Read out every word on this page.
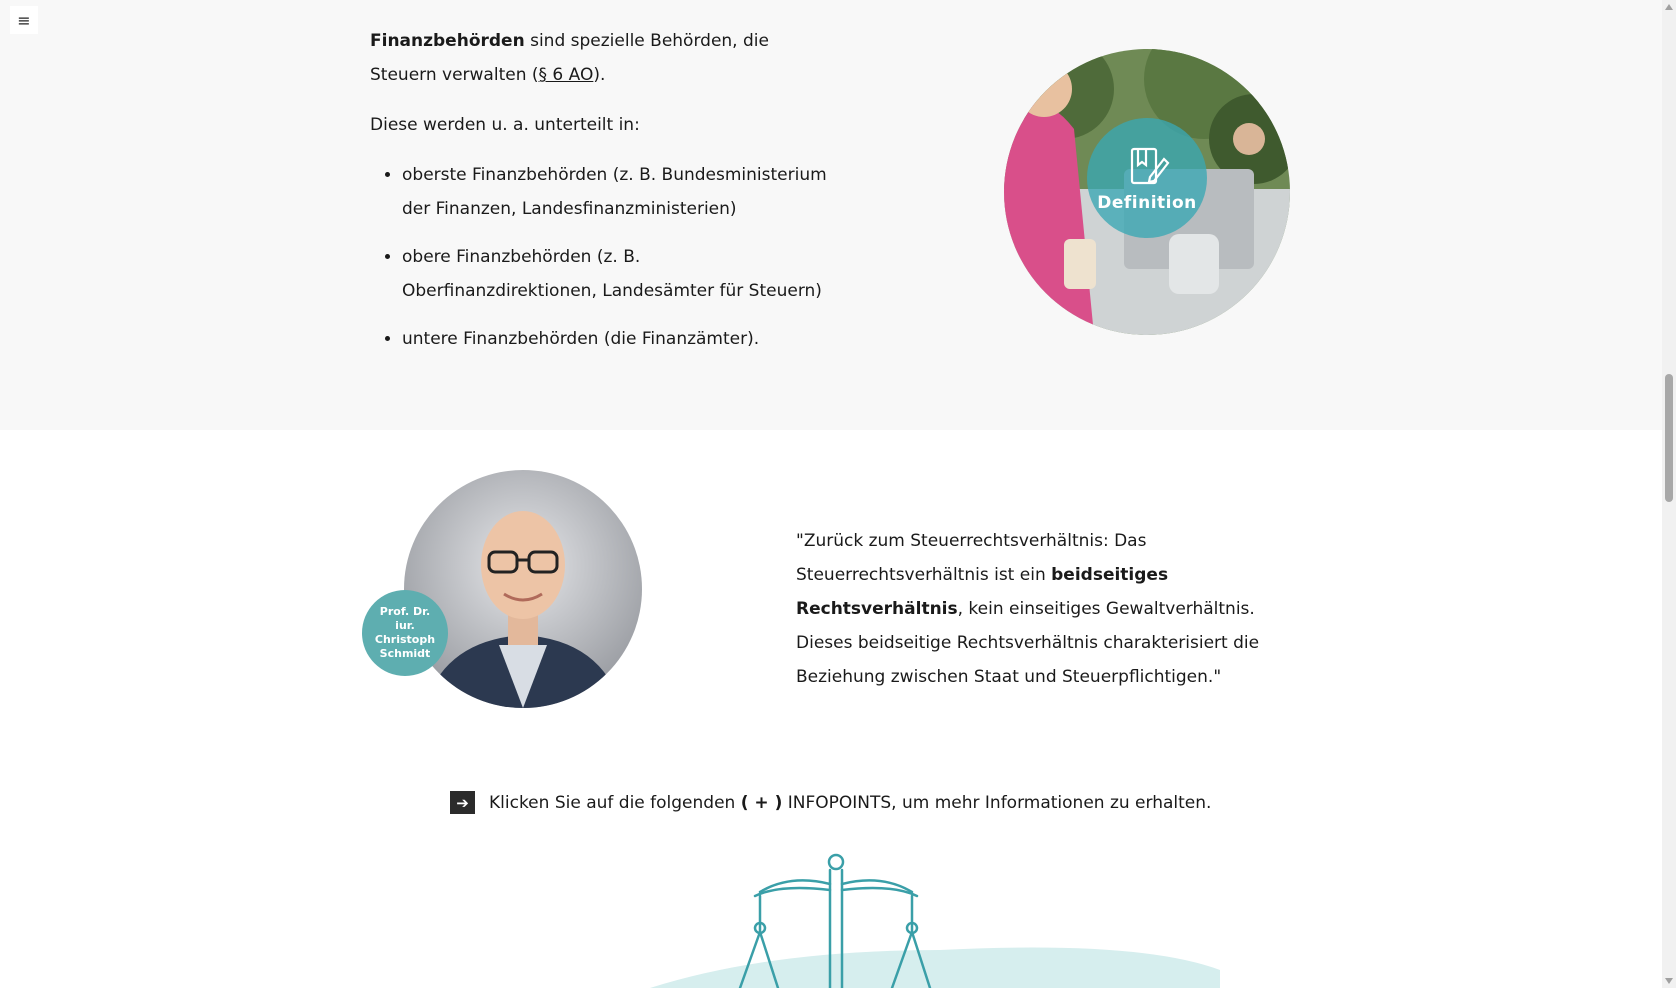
≡

Finanzbehörden sind spezielle Behörden, die Steuern verwalten (§ 6 AO).

Diese werden u. a. unterteilt in:

• oberste Finanzbehörden (z. B. Bundesministerium der Finanzen, Landesfinanzministerien)
• obere Finanzbehörden (z. B. Oberfinanzdirektionen, Landesämter für Steuern)
• untere Finanzbehörden (die Finanzämter).
Definition
Prof. Dr. iur. Christoph Schmidt
"Zurück zum Steuerrechtsverhältnis: Das Steuerrechtsverhältnis ist ein beidseitiges Rechtsverhältnis, kein einseitiges Gewaltverhältnis. Dieses beidseitige Rechtsverhältnis charakterisiert die Beziehung zwischen Staat und Steuerpflichtigen."
➔	Klicken Sie auf die folgenden ( + ) INFOPOINTS, um mehr Informationen zu erhalten.
